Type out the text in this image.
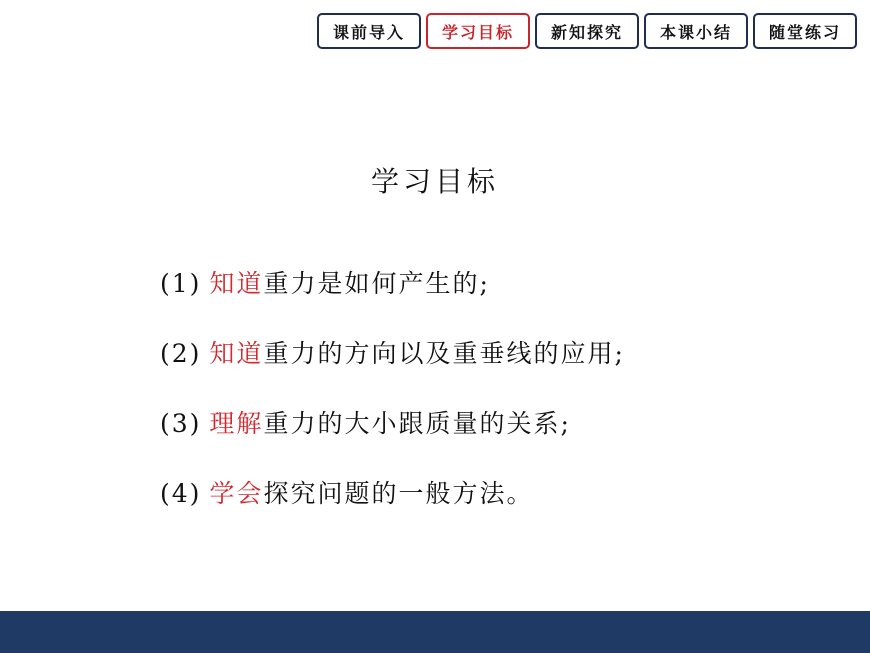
课前导入	学习目标	新知探究	本课小结	随堂练习
学习目标
(1) 知道重力是如何产生的;
(2) 知道重力的方向以及重垂线的应用;
(3) 理解重力的大小跟质量的关系;
(4) 学会探究问题的一般方法。
